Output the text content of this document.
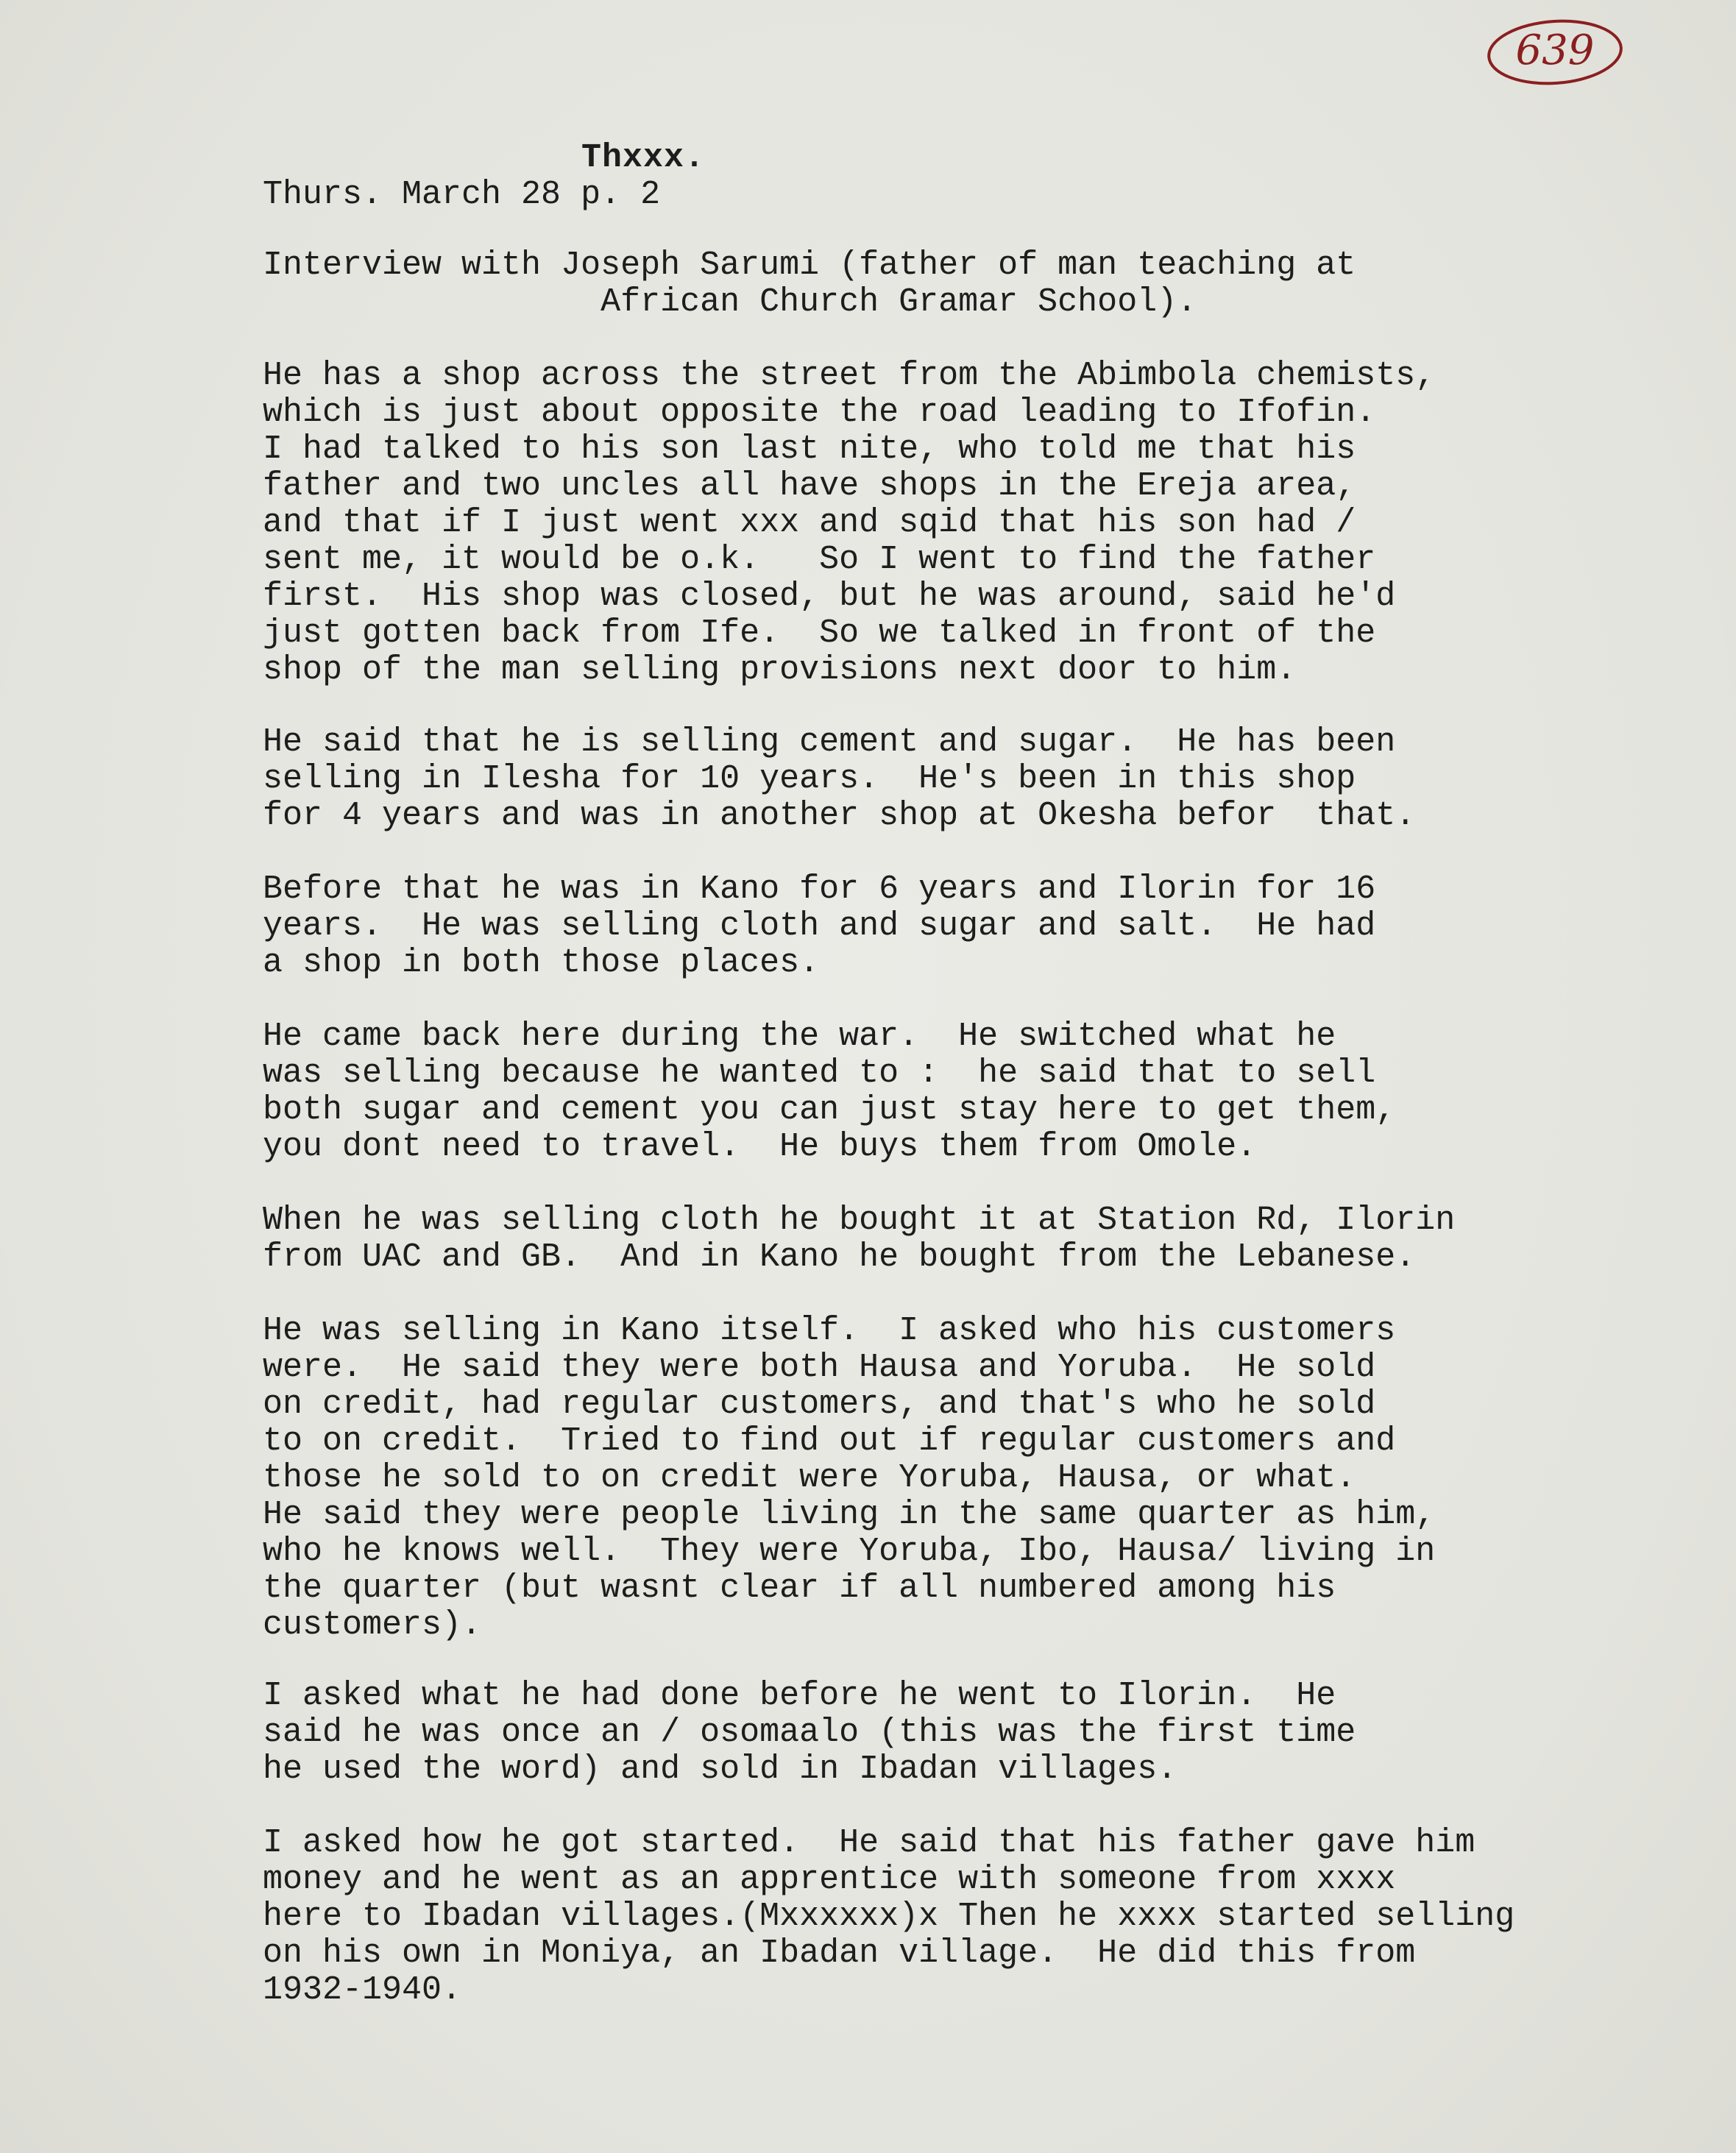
639
Thxxx.
Thurs. March 28 p. 2
Interview with Joseph Sarumi (father of man teaching at
African Church Gramar School).
He has a shop across the street from the Abimbola chemists,
which is just about opposite the road leading to Ifofin.
I had talked to his son last nite, who told me that his
father and two uncles all have shops in the Ereja area,
and that if I just went xxx and sqid that his son had /
sent me, it would be o.k.   So I went to find the father
first.  His shop was closed, but he was around, said he'd
just gotten back from Ife.  So we talked in front of the
shop of the man selling provisions next door to him.
He said that he is selling cement and sugar.  He has been
selling in Ilesha for 10 years.  He's been in this shop
for 4 years and was in another shop at Okesha befor  that.
Before that he was in Kano for 6 years and Ilorin for 16
years.  He was selling cloth and sugar and salt.  He had
a shop in both those places.
He came back here during the war.  He switched what he
was selling because he wanted to :  he said that to sell
both sugar and cement you can just stay here to get them,
you dont need to travel.  He buys them from Omole.
When he was selling cloth he bought it at Station Rd, Ilorin
from UAC and GB.  And in Kano he bought from the Lebanese.
He was selling in Kano itself.  I asked who his customers
were.  He said they were both Hausa and Yoruba.  He sold
on credit, had regular customers, and that's who he sold
to on credit.  Tried to find out if regular customers and
those he sold to on credit were Yoruba, Hausa, or what.
He said they were people living in the same quarter as him,
who he knows well.  They were Yoruba, Ibo, Hausa/ living in
the quarter (but wasnt clear if all numbered among his
customers).
I asked what he had done before he went to Ilorin.  He
said he was once an / osomaalo (this was the first time
he used the word) and sold in Ibadan villages.
I asked how he got started.  He said that his father gave him
money and he went as an apprentice with someone from xxxx
here to Ibadan villages.(Mxxxxxx)x Then he xxxx started selling
on his own in Moniya, an Ibadan village.  He did this from
1932-1940.
